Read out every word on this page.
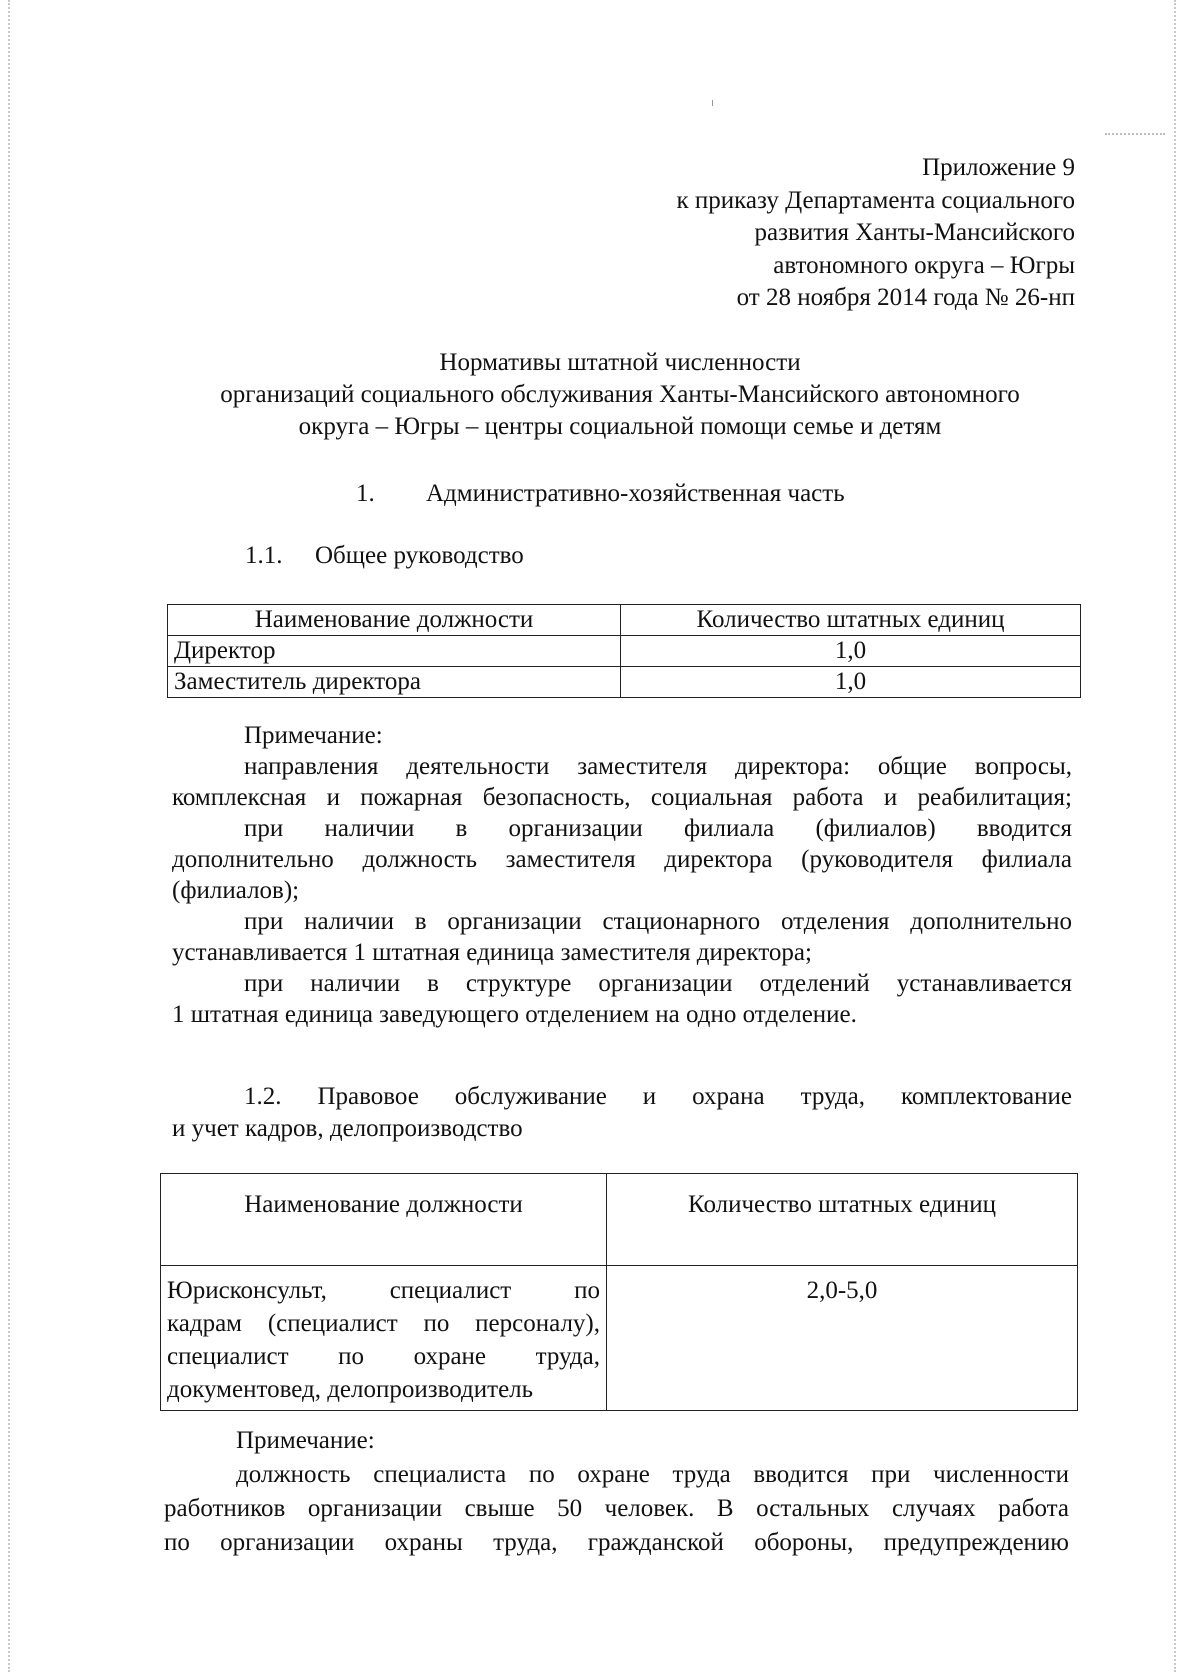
Приложение 9
к приказу Департамента социального
развития Ханты-Мансийского
автономного округа – Югры
от 28 ноября 2014 года № 26-нп
Нормативы штатной численности
организаций социального обслуживания Ханты-Мансийского автономного
округа – Югры – центры социальной помощи семье и детям
1. Административно-хозяйственная часть
1.1. Общее руководство
Наименование должности	Количество штатных единиц
Директор	1,0
Заместитель директора	1,0
Примечание:
направления деятельности заместителя директора: общие вопросы,
комплексная и пожарная безопасность, социальная работа и реабилитация;
при наличии в организации филиала (филиалов) вводится
дополнительно должность заместителя директора (руководителя филиала
(филиалов);
при наличии в организации стационарного отделения дополнительно
устанавливается 1 штатная единица заместителя директора;
при наличии в структуре организации отделений устанавливается
1 штатная единица заведующего отделением на одно отделение.
1.2. Правовое обслуживание и охрана труда, комплектование
и учет кадров, делопроизводство
Наименование должности	Количество штатных единиц

Юрисконсульт, специалист по
кадрам (специалист по персоналу),
специалист по охране труда,
документовед, делопроизводитель	2,0-5,0
Примечание:
должность специалиста по охране труда вводится при численности
работников организации свыше 50 человек. В остальных случаях работа
по организации охраны труда, гражданской обороны, предупреждению
